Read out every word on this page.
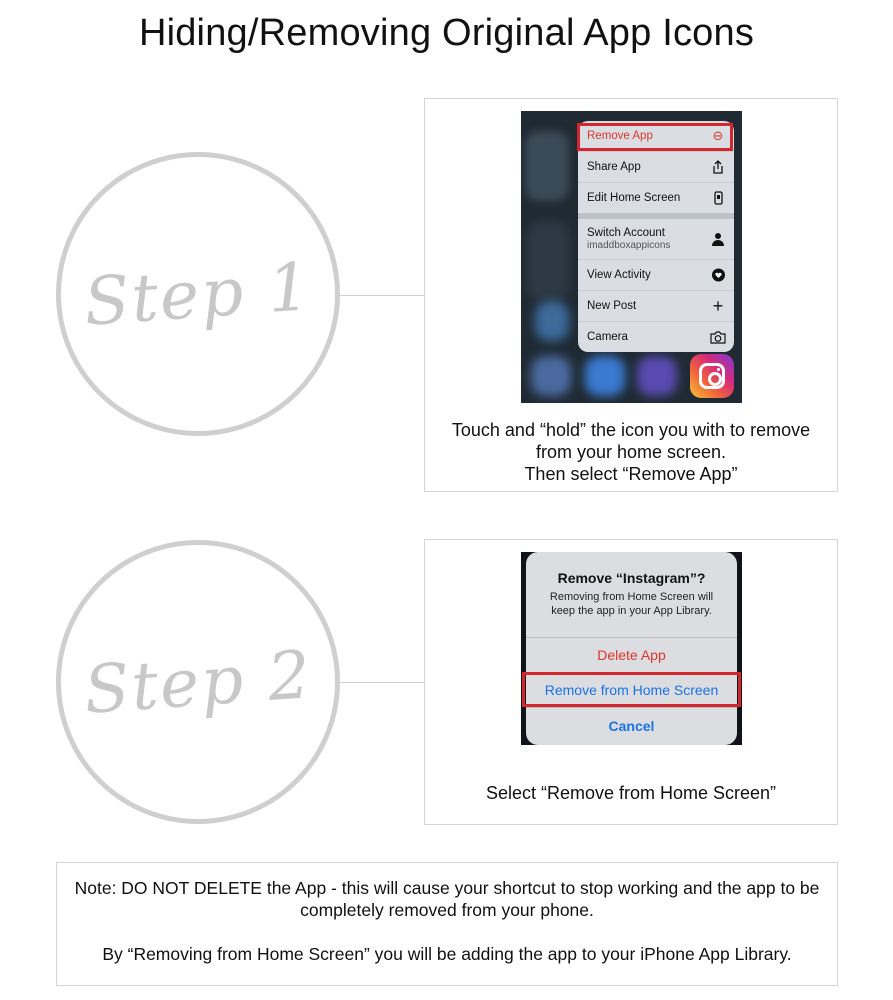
Hiding/Removing Original App Icons
Step 1
Touch and “hold” the icon you with to remove
from your home screen.
Then select “Remove App”
Remove App	⊖
Share App
Edit Home Screen
Switch Account
imaddboxappicons
View Activity
New Post	+
Camera
Step 2
Select “Remove from Home Screen”
Remove “Instagram”?
Removing from Home Screen will keep the app in your App Library.
Delete App
Remove from Home Screen
Cancel
Note: DO NOT DELETE the App - this will cause your shortcut to stop working and the app to be completely removed from your phone.
By “Removing from Home Screen” you will be adding the app to your iPhone App Library.
